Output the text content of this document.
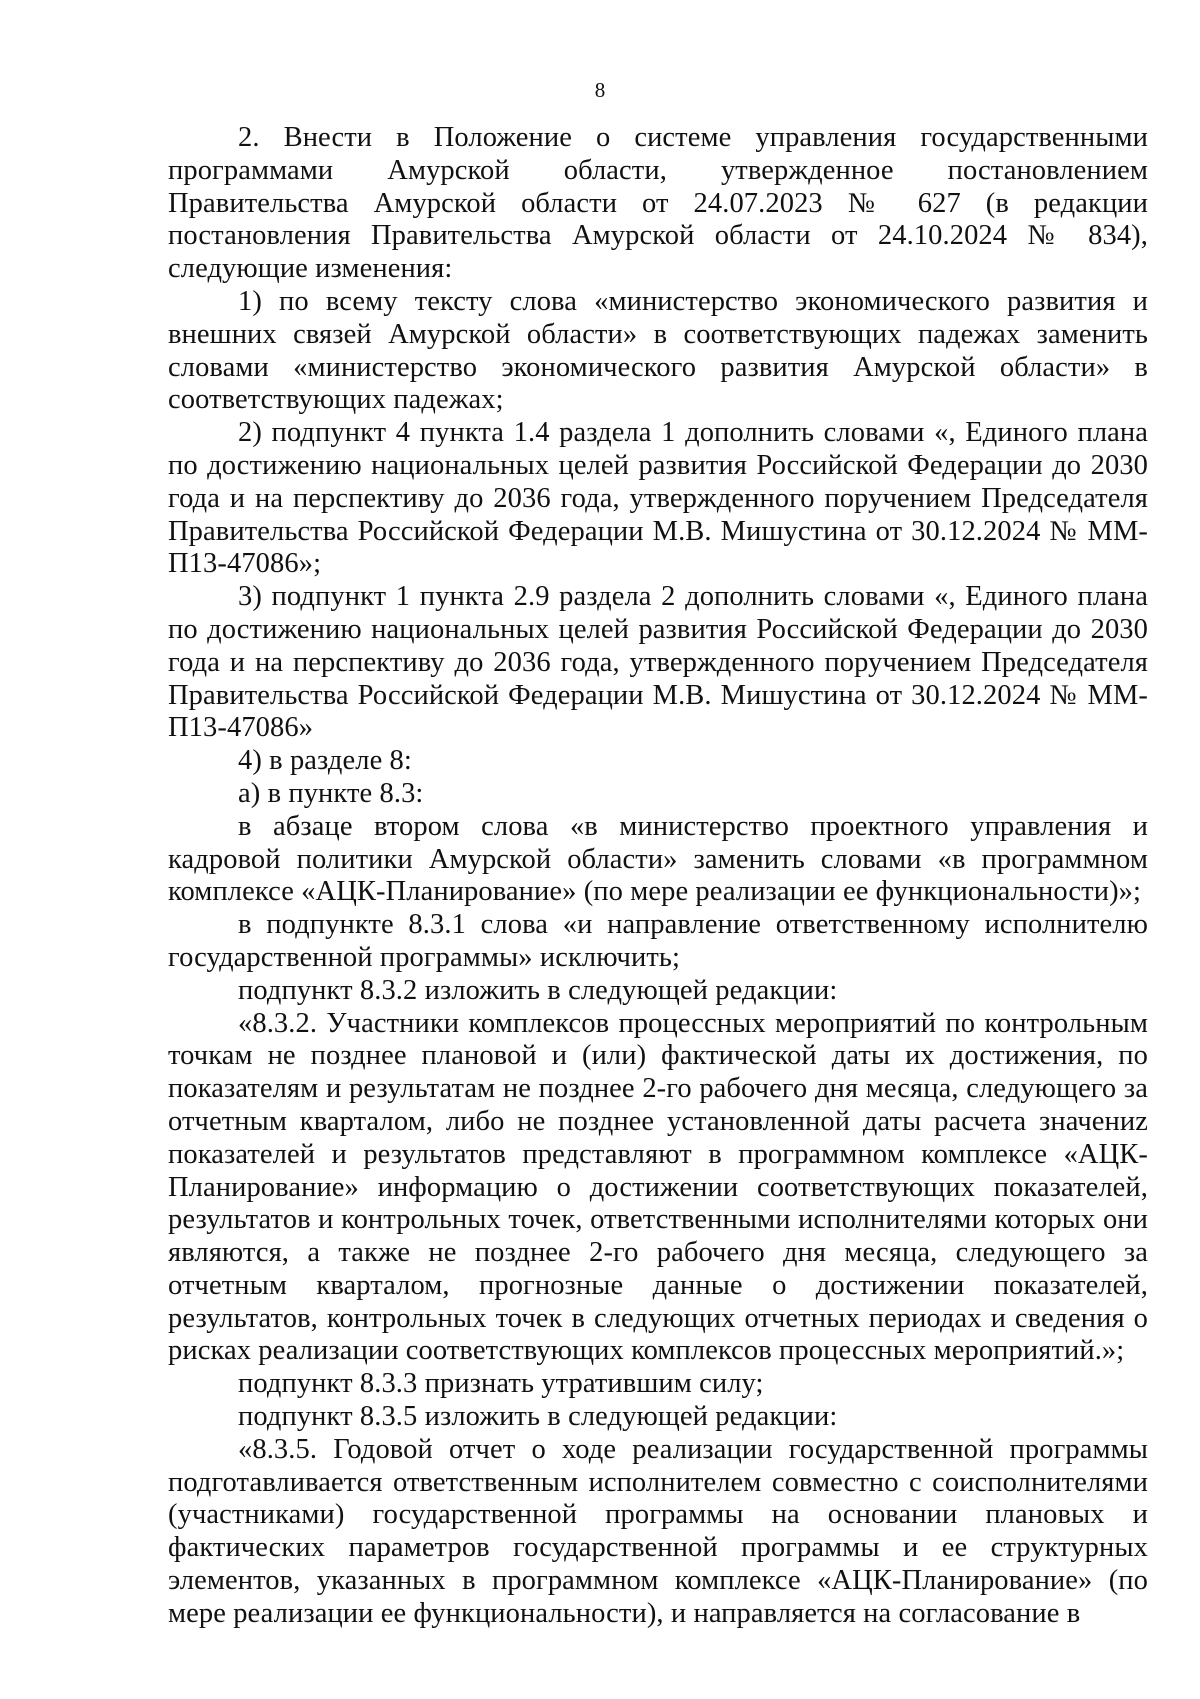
8

2. Внести в Положение о системе управления государственными программами Амурской области, утвержденное постановлением Правительства Амурской области от 24.07.2023 № 627 (в редакции постановления Правительства Амурской области от 24.10.2024 № 834), следующие изменения:

1) по всему тексту слова «министерство экономического развития и внешних связей Амурской области» в соответствующих падежах заменить словами «министерство экономического развития Амурской области» в соответствующих падежах;

2) подпункт 4 пункта 1.4 раздела 1 дополнить словами «, Единого плана по достижению национальных целей развития Российской Федерации до 2030 года и на перспективу до 2036 года, утвержденного поручением Председателя Правительства Российской Федерации М.В. Мишустина от 30.12.2024 № ММ-П13-47086»;

3) подпункт 1 пункта 2.9 раздела 2 дополнить словами «, Единого плана по достижению национальных целей развития Российской Федерации до 2030 года и на перспективу до 2036 года, утвержденного поручением Председателя Правительства Российской Федерации М.В. Мишустина от 30.12.2024 № ММ-П13-47086»

4) в разделе 8:

а) в пункте 8.3:

в абзаце втором слова «в министерство проектного управления и кадровой политики Амурской области» заменить словами «в программном комплексе «АЦК-Планирование» (по мере реализации ее функциональности)»;

в подпункте 8.3.1 слова «и направление ответственному исполнителю государственной программы» исключить;

подпункт 8.3.2 изложить в следующей редакции:

«8.3.2. Участники комплексов процессных мероприятий по контрольным точкам не позднее плановой и (или) фактической даты их достижения, по показателям и результатам не позднее 2-го рабочего дня месяца, следующего за отчетным кварталом, либо не позднее установленной даты расчета значениz показателей и результатов представляют в программном комплексе «АЦК-Планирование» информацию о достижении соответствующих показателей, результатов и контрольных точек, ответственными исполнителями которых они являются, а также не позднее 2-го рабочего дня месяца, следующего за отчетным кварталом, прогнозные данные о достижении показателей, результатов, контрольных точек в следующих отчетных периодах и сведения о рисках реализации соответствующих комплексов процессных мероприятий.»;

подпункт 8.3.3 признать утратившим силу;

подпункт 8.3.5 изложить в следующей редакции:

«8.3.5. Годовой отчет о ходе реализации государственной программы подготавливается ответственным исполнителем совместно с соисполнителями (участниками) государственной программы на основании плановых и фактических параметров государственной программы и ее структурных элементов, указанных в программном комплексе «АЦК-Планирование» (по мере реализации ее функциональности), и направляется на согласование в
